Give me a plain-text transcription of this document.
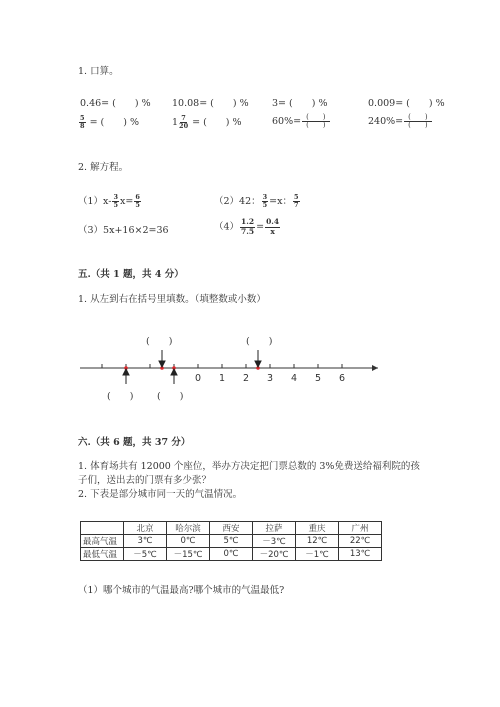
1. 口算。
0.46= (　　) % 10.08= (　　) % 3= (　　) %	0.009= (　　) %
$\frac{5}{8}$ = (　　) %	$1 \frac{7}{20}$ = (　　) %	$60\%= \frac{( )}{( )}$	$240\%= \frac{( )}{( )}$
2. 解方程。
$(1)x- \frac{3}{5} x= \frac{6}{5}$	（2）42： $\frac{3}{5} =x$： $\frac{5}{7}$
（3）5x+16×2=36	$(4) \frac{1.2}{7.5} = \frac{0.4}{x}$
五.（共 1 题，共 4 分）
1. 从左到右在括号里填数。（填整数或小数）
(　　)	(　　)
(　　) (　　)
0 1 2 3 4 5 6
六.（共 6 题，共 37 分）
1. 体育场共有 12000 个座位，举办方决定把门票总数的 3%免费送给福利院的孩
子们，送出去的门票有多少张？
2. 下表是部分城市同一天的气温情况。
	北京	哈尔滨	西安	拉萨	重庆	广州
最高气温	3℃	0℃	5℃	－3℃	12℃	22℃
最低气温	－5℃	－15℃	0℃	－20℃	－1℃	13℃
（1）哪个城市的气温最高?哪个城市的气温最低?
